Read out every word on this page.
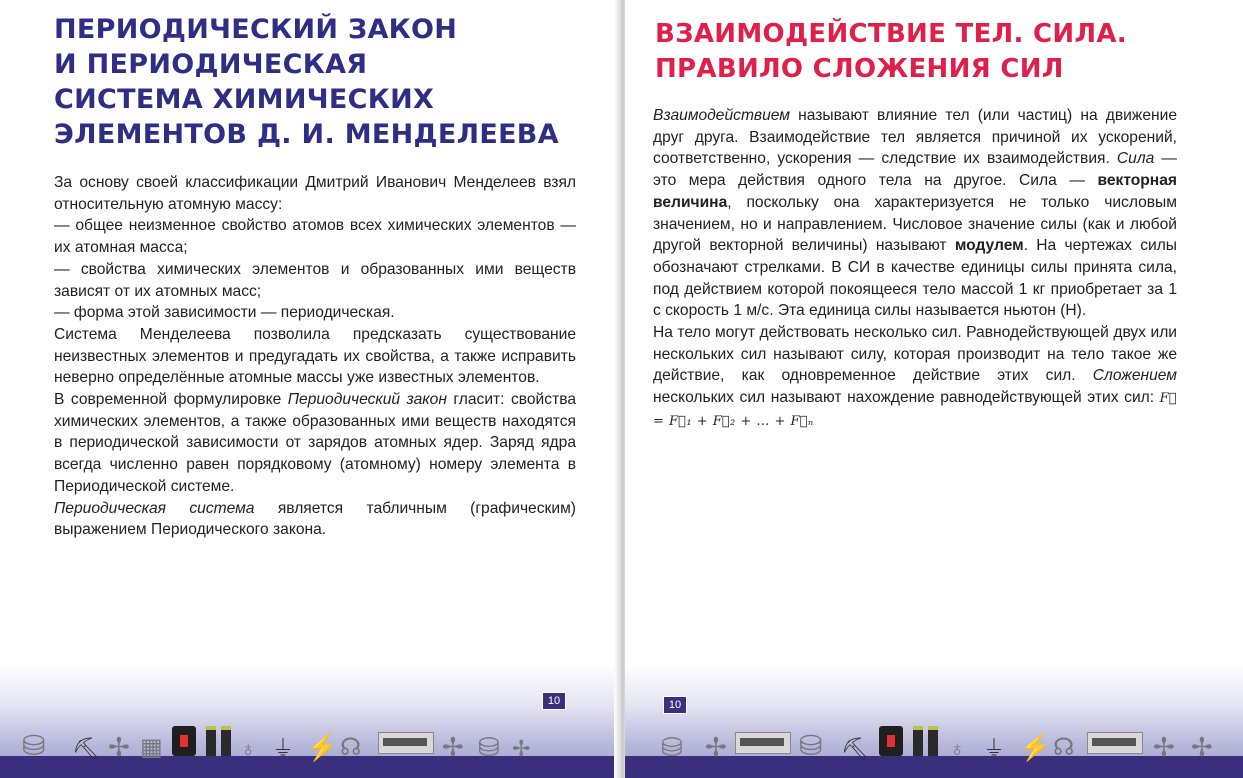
ПЕРИОДИЧЕСКИЙ ЗАКОН
И ПЕРИОДИЧЕСКАЯ
СИСТЕМА ХИМИЧЕСКИХ
ЭЛЕМЕНТОВ Д. И. МЕНДЕЛЕЕВА

За основу своей классификации Дмитрий Иванович Менделеев взял относительную атомную массу:

— общее неизменное свойство атомов всех химических элементов — их атомная масса;

— свойства химических элементов и образованных ими веществ зависят от их атомных масс;

— форма этой зависимости — периодическая.

Система Менделеева позволила предсказать существование неизвестных элементов и предугадать их свойства, а также исправить неверно определённые атомные массы уже известных элементов.

В современной формулировке Периодический закон гласит: свойства химических элементов, а также образованных ими веществ находятся в периодической зависимости от зарядов атомных ядер. Заряд ядра всегда численно равен порядковому (атомному) номеру элемента в Периодической системе.

Периодическая система является табличным (графическим) выражением Периодического закона.

⛁ ⛏ ✢ ▦	♁ ⏚ ⚡ ☊	✢ ⛁ ✢
10
ВЗАИМОДЕЙСТВИЕ ТЕЛ. СИЛА.
ПРАВИЛО СЛОЖЕНИЯ СИЛ

Взаимодействием называют влияние тел (или частиц) на движение друг друга. Взаимодействие тел является причиной их ускорений, соответственно, ускорения — следствие их взаимодействия. Сила — это мера действия одного тела на другое. Сила — векторная величина, поскольку она характеризуется не только числовым значением, но и направлением. Числовое значение силы (как и любой другой векторной величины) называют модулем. На чертежах силы обозначают стрелками. В СИ в качестве единицы силы принята сила, под действием которой покоящееся тело массой 1 кг приобретает за 1 с скорость 1 м/с. Эта единица силы называется ньютон (Н).

На тело могут действовать несколько сил. Равнодействующей двух или нескольких сил называют силу, которая производит на тело такое же действие, как одновременное действие этих сил. Сложением нескольких сил называют нахождение равнодействующей этих сил: F⃗ = F⃗₁ + F⃗₂ + … + F⃗ₙ

⛁ ✢	⛁ ⛏	♁ ⏚ ⚡ ☊	✢ ✢
10
